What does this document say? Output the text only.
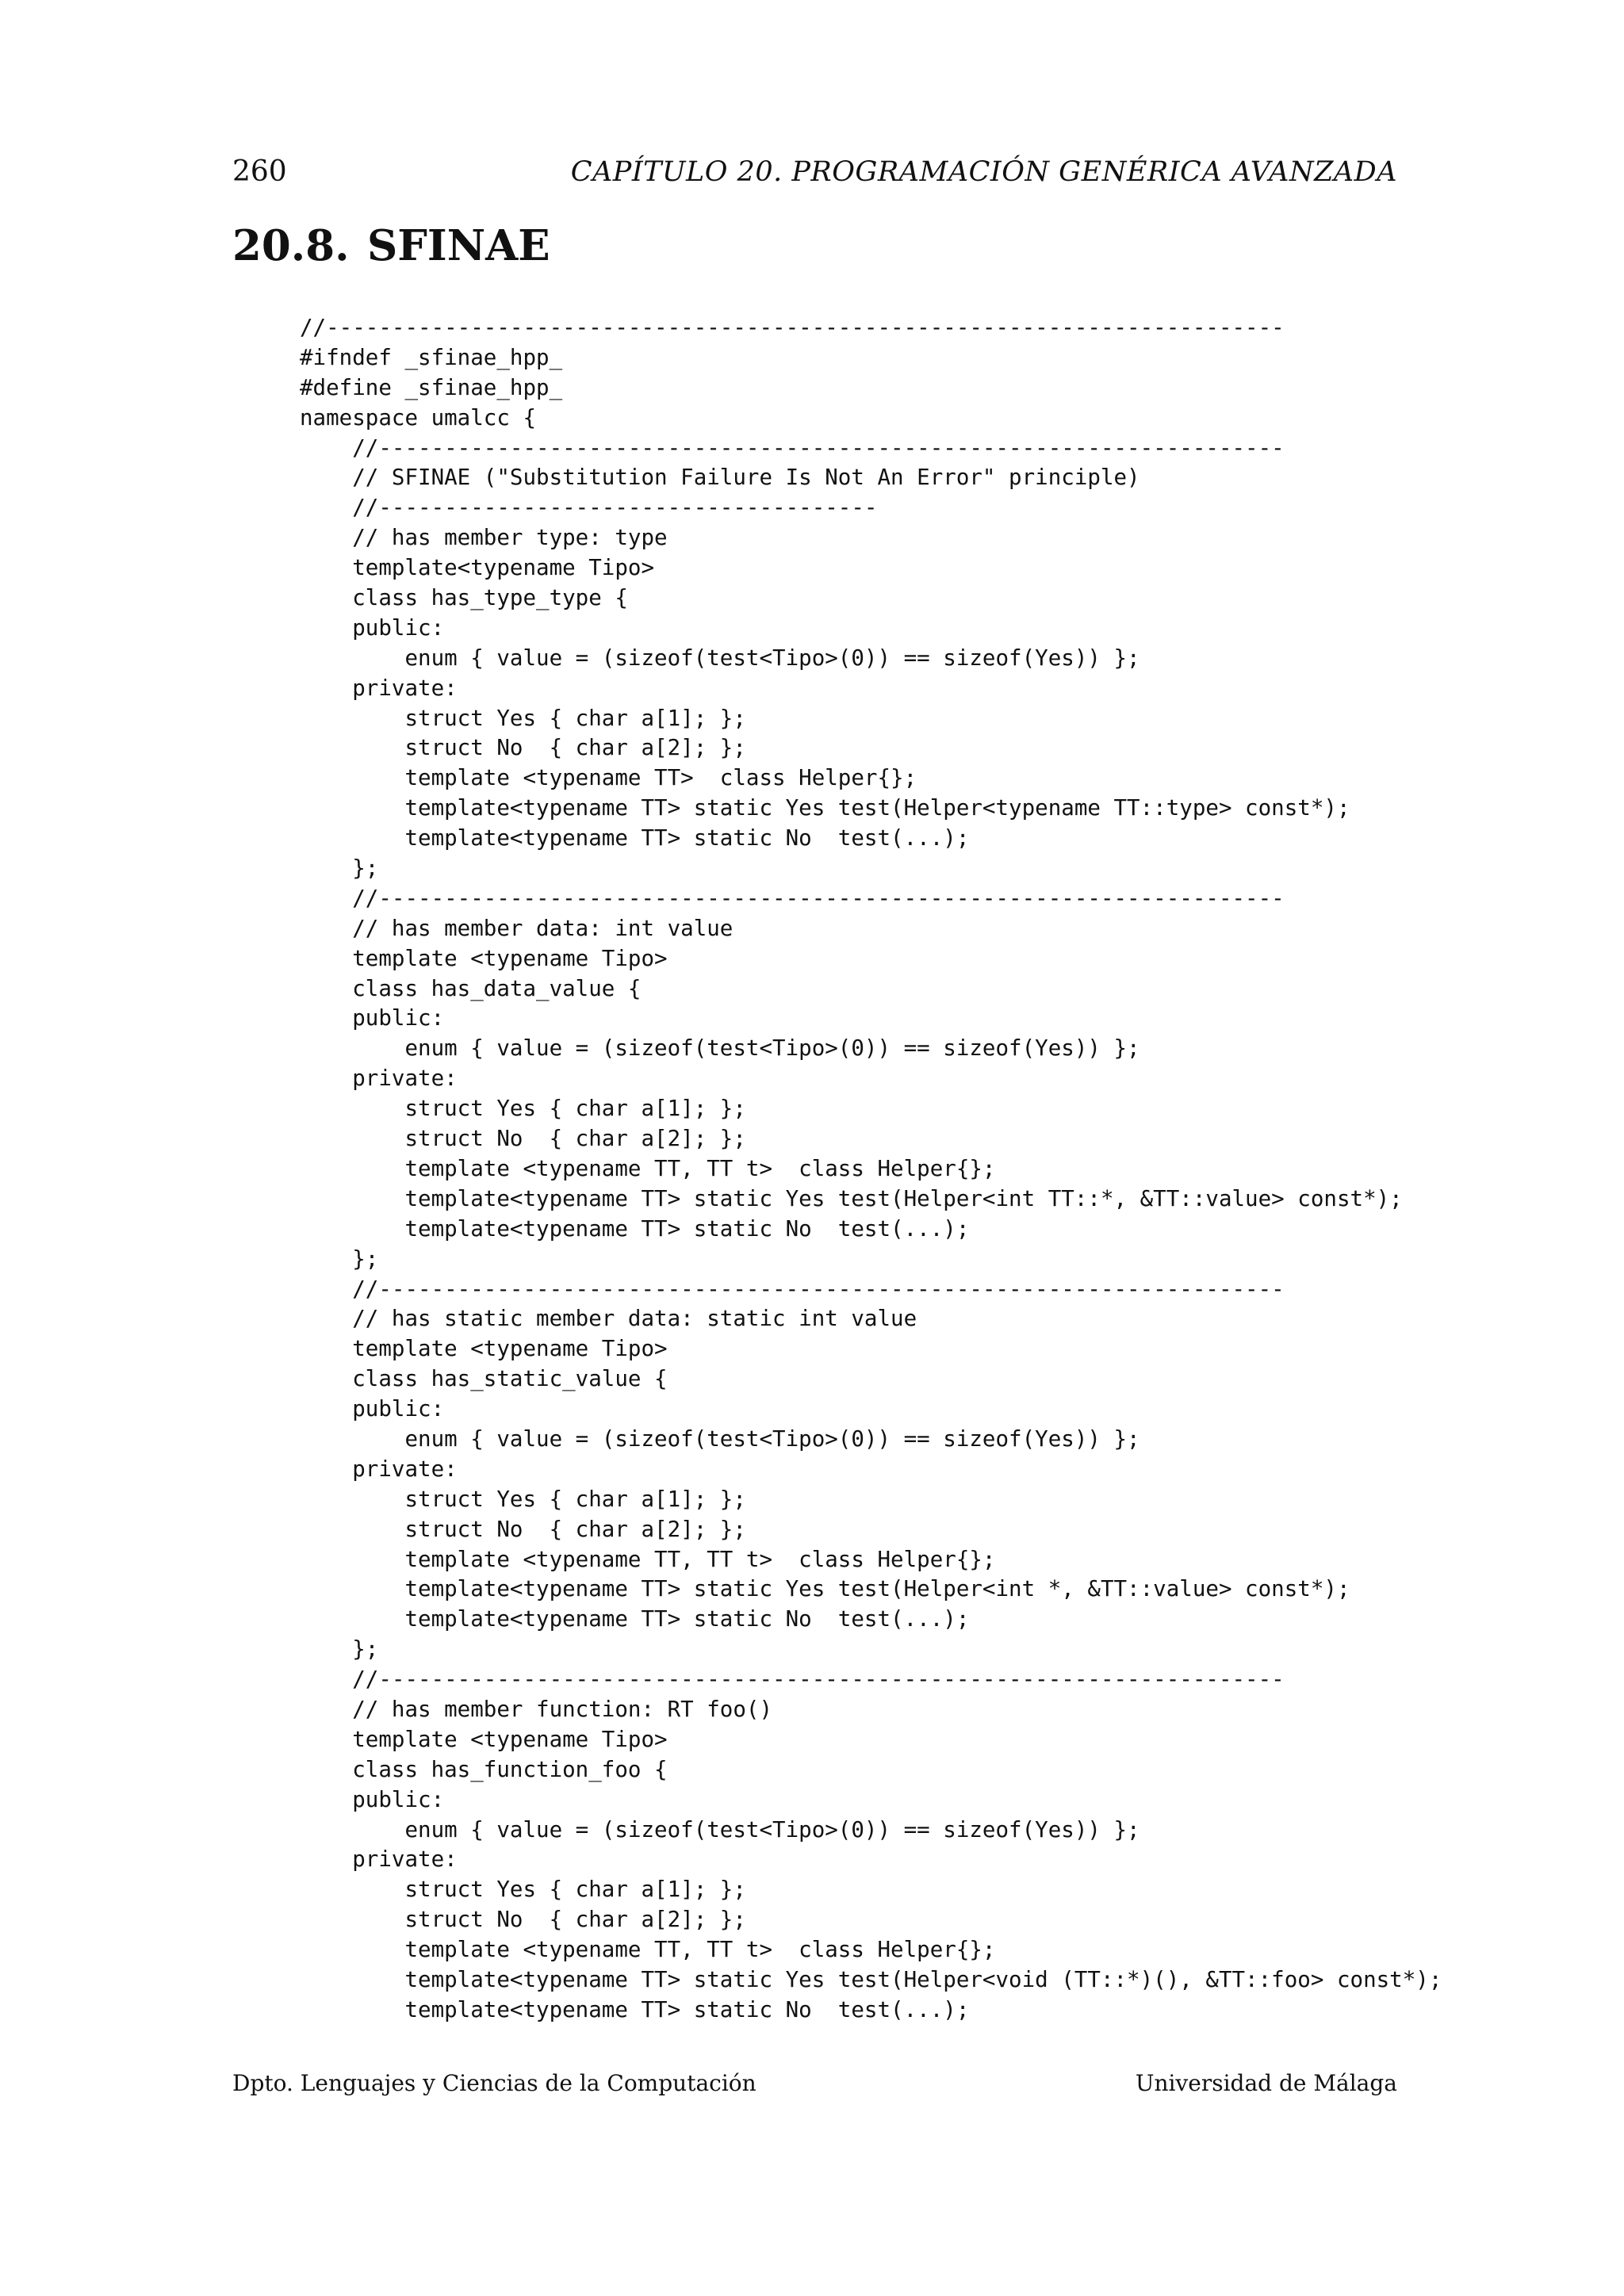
260	CAPÍTULO 20. PROGRAMACIÓN GENÉRICA AVANZADA
20.8. SFINAE
//-------------------------------------------------------------------------
#ifndef _sfinae_hpp_
#define _sfinae_hpp_
namespace umalcc {
//---------------------------------------------------------------------
// SFINAE ("Substitution Failure Is Not An Error" principle)
//--------------------------------------
// has member type: type
template<typename Tipo>
class has_type_type {
public:
enum { value = (sizeof(test<Tipo>(0)) == sizeof(Yes)) };
private:
struct Yes { char a[1]; };
struct No  { char a[2]; };
template <typename TT>  class Helper{};
template<typename TT> static Yes test(Helper<typename TT::type> const*);
template<typename TT> static No  test(...);
};
//---------------------------------------------------------------------
// has member data: int value
template <typename Tipo>
class has_data_value {
public:
enum { value = (sizeof(test<Tipo>(0)) == sizeof(Yes)) };
private:
struct Yes { char a[1]; };
struct No  { char a[2]; };
template <typename TT, TT t>  class Helper{};
template<typename TT> static Yes test(Helper<int TT::*, &TT::value> const*);
template<typename TT> static No  test(...);
};
//---------------------------------------------------------------------
// has static member data: static int value
template <typename Tipo>
class has_static_value {
public:
enum { value = (sizeof(test<Tipo>(0)) == sizeof(Yes)) };
private:
struct Yes { char a[1]; };
struct No  { char a[2]; };
template <typename TT, TT t>  class Helper{};
template<typename TT> static Yes test(Helper<int *, &TT::value> const*);
template<typename TT> static No  test(...);
};
//---------------------------------------------------------------------
// has member function: RT foo()
template <typename Tipo>
class has_function_foo {
public:
enum { value = (sizeof(test<Tipo>(0)) == sizeof(Yes)) };
private:
struct Yes { char a[1]; };
struct No  { char a[2]; };
template <typename TT, TT t>  class Helper{};
template<typename TT> static Yes test(Helper<void (TT::*)(), &TT::foo> const*);
template<typename TT> static No  test(...);
Dpto. Lenguajes y Ciencias de la Computación	Universidad de Málaga
